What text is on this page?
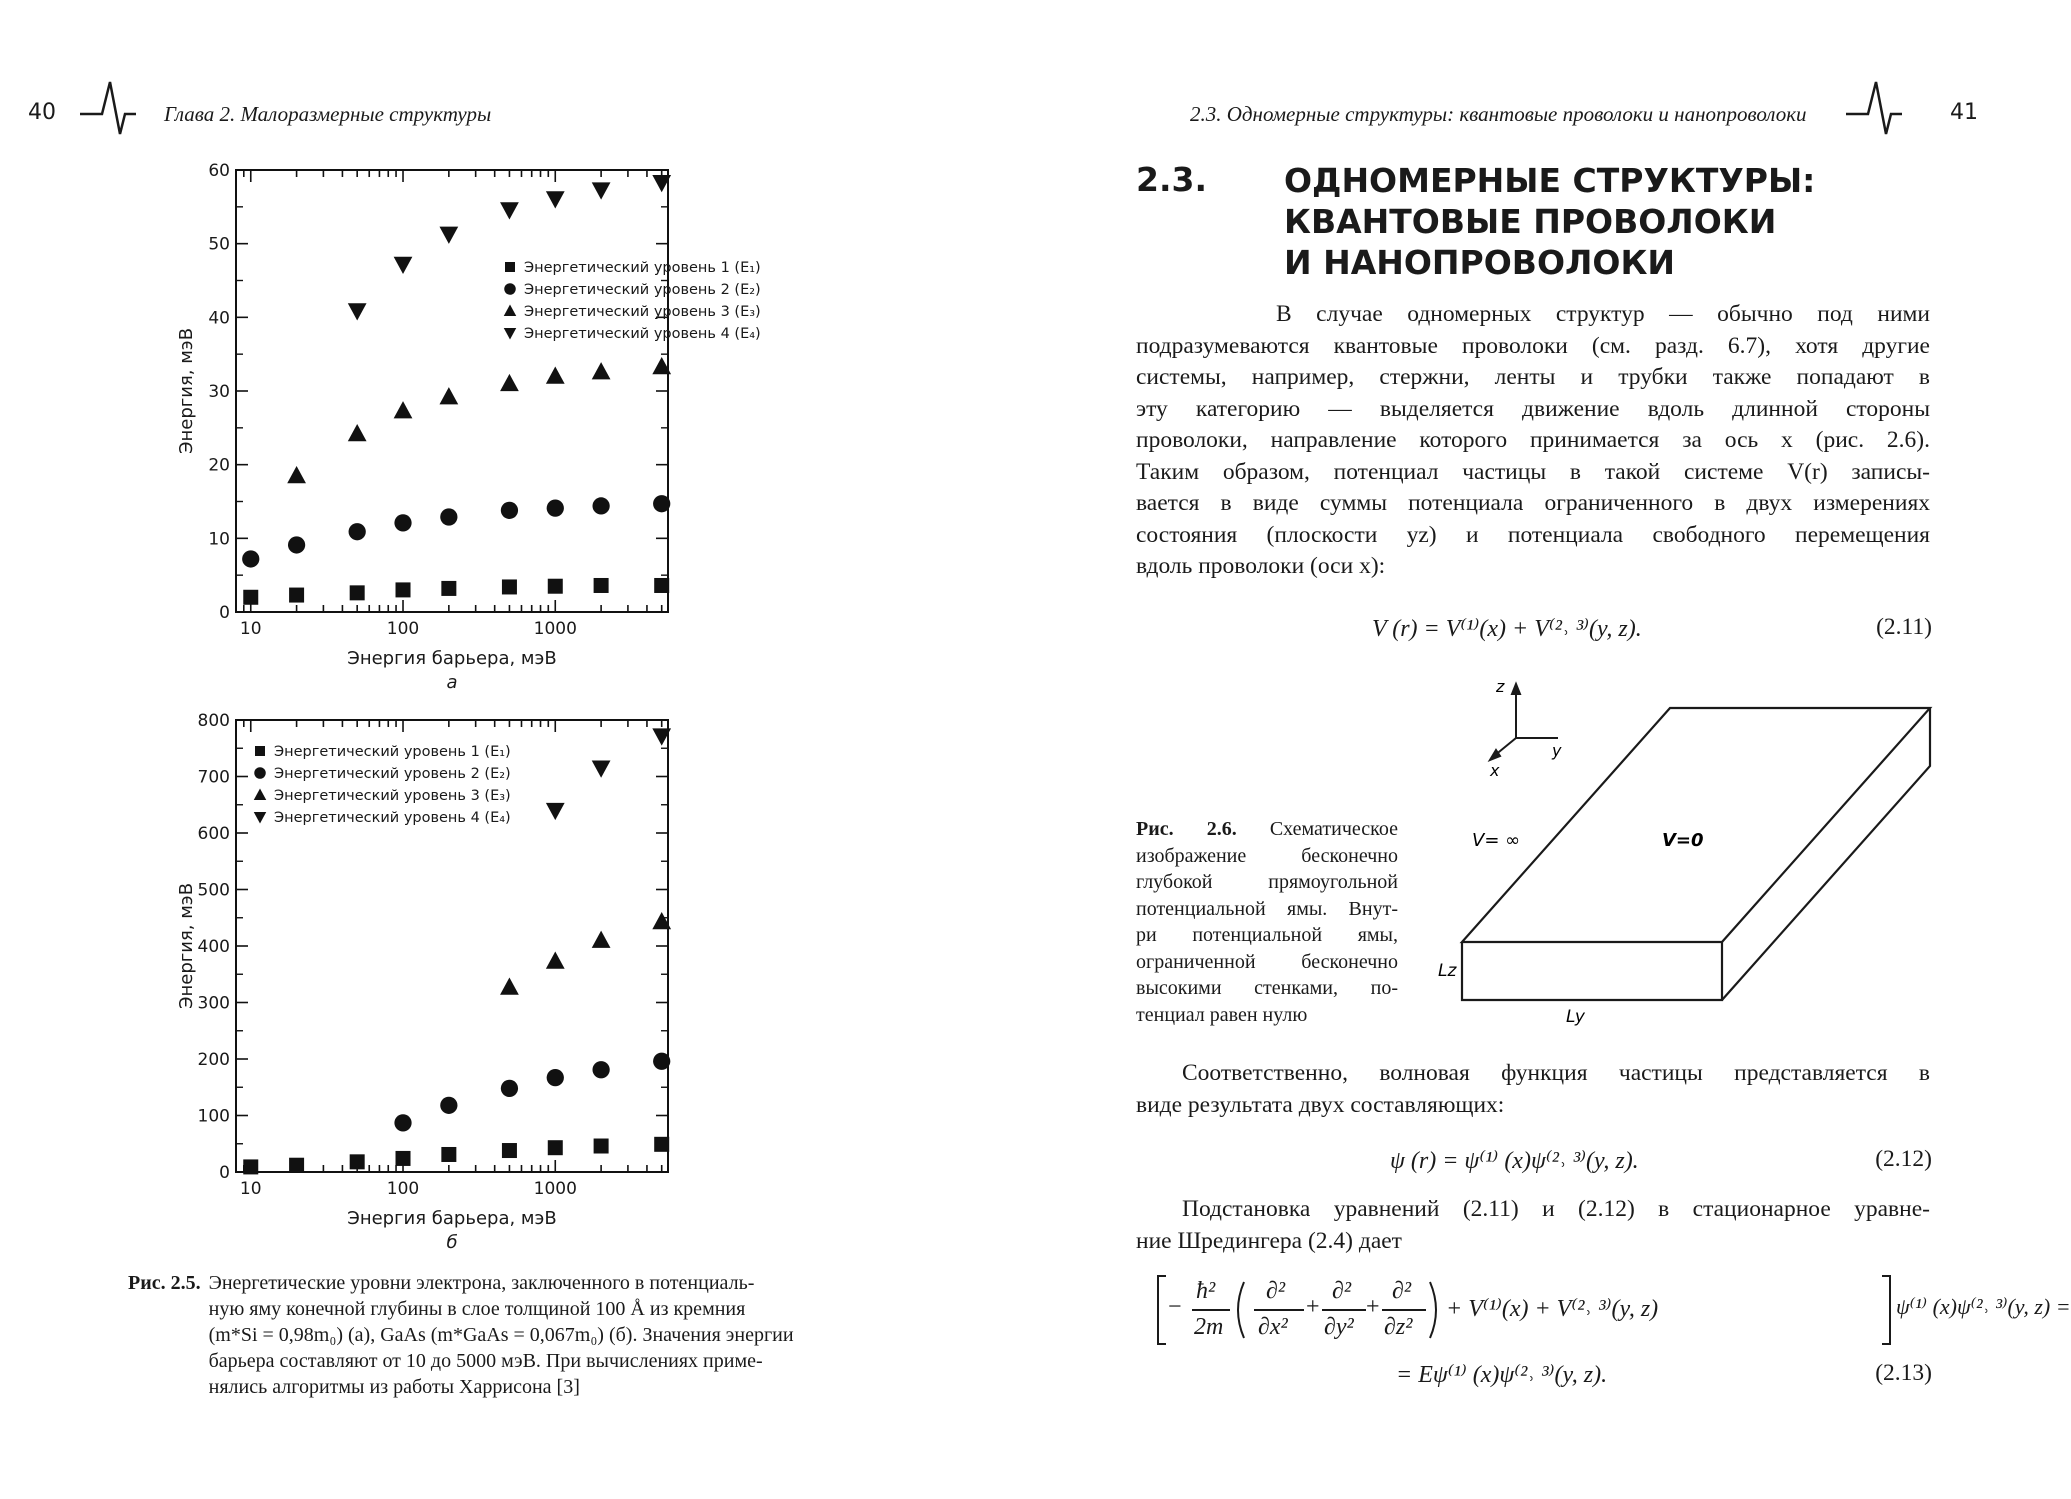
40	Глава 2. Малоразмерные структуры	2.3. Одномерные структуры: квантовые проволоки и нанопроволоки	41
0
10
20
30
40
50
60
10	100	1000
Энергия барьера, мэВ
Энергия, мэВ
а
Энергетический уровень 1 (E₁)
Энергетический уровень 2 (E₂)
Энергетический уровень 3 (E₃)
Энергетический уровень 4 (E₄)
0
100
200
300
400
500
600
700
800
10	100	1000
Энергия барьера, мэВ
Энергия, мэВ
б
Энергетический уровень 1 (E₁)
Энергетический уровень 2 (E₂)
Энергетический уровень 3 (E₃)
Энергетический уровень 4 (E₄)
Рис. 2.5. Энергетические уровни электрона, заключенного в потенциаль-
ную яму конечной глубины в слое толщиной 100 Å из кремния
(m*Si = 0,98m₀) (а), GaAs (m*GaAs = 0,067m₀) (б). Значения энергии
барьера составляют от 10 до 5000 мэВ. При вычислениях приме-
нялись алгоритмы из работы Харрисона [3]
2.3. ОДНОМЕРНЫЕ СТРУКТУРЫ:
КВАНТОВЫЕ ПРОВОЛОКИ
И НАНОПРОВОЛОКИ
В случае одномерных структур — обычно под ними
подразумеваются квантовые проволоки (см. разд. 6.7), хотя другие
системы, например, стержни, ленты и трубки также попадают в
эту категорию — выделяется движение вдоль длинной стороны
проволоки, направление которого принимается за ось x (рис. 2.6).
Таким образом, потенциал частицы в такой системе V(r) записы-
вается в виде суммы потенциала ограниченного в двух измерениях
состояния (плоскости yz) и потенциала свободного перемещения
вдоль проволоки (оси x):
V (r) = V⁽¹⁾(x) + V⁽²˒ ³⁾(y, z).	(2.11)
Рис. 2.6. Схематическое
изображение бесконечно
глубокой прямоугольной
потенциальной ямы. Внут-
ри потенциальной ямы,
ограниченной бесконечно
высокими стенками, по-
тенциал равен нулю
z
y
x
V= ∞	V=0
Lz
Ly
Соответственно, волновая функция частицы представляется в
виде результата двух составляющих:
ψ (r) = ψ⁽¹⁾ (x)ψ⁽²˒ ³⁾(y, z).	(2.12)
Подстановка уравнений (2.11) и (2.12) в стационарное уравне-
ние Шредингера (2.4) дает
−
ħ²
2m
∂²
∂x²
+
∂²
∂y²
+
∂²
∂z²
+ V⁽¹⁾(x) + V⁽²˒ ³⁾(y, z)	ψ⁽¹⁾ (x)ψ⁽²˒ ³⁾(y, z) =
= Eψ⁽¹⁾ (x)ψ⁽²˒ ³⁾(y, z).	(2.13)
